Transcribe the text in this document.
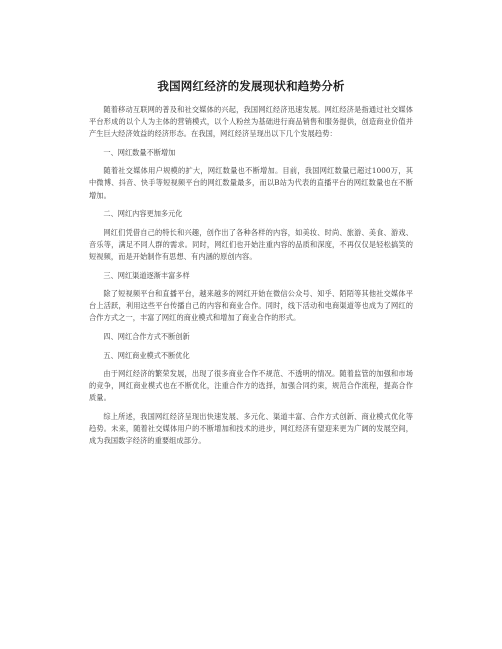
我国网红经济的发展现状和趋势分析

随着移动互联网的普及和社交媒体的兴起，我国网红经济迅速发展。网红经济是指通过社交媒体平台形成的以个人为主体的营销模式，以个人粉丝为基础进行商品销售和服务提供，创造商业价值并产生巨大经济效益的经济形态。在我国，网红经济呈现出以下几个发展趋势：

一、网红数量不断增加

随着社交媒体用户规模的扩大，网红数量也不断增加。目前，我国网红数量已超过1000万，其中微博、抖音、快手等短视频平台的网红数量最多，而以B站为代表的直播平台的网红数量也在不断增加。

二、网红内容更加多元化

网红们凭借自己的特长和兴趣，创作出了各种各样的内容，如美妆、时尚、旅游、美食、游戏、音乐等，满足不同人群的需求。同时，网红们也开始注重内容的品质和深度，不再仅仅是轻松搞笑的短视频，而是开始制作有思想、有内涵的原创内容。

三、网红渠道逐渐丰富多样

除了短视频平台和直播平台，越来越多的网红开始在微信公众号、知乎、陌陌等其他社交媒体平台上活跃，利用这些平台传播自己的内容和商业合作。同时，线下活动和电商渠道等也成为了网红的合作方式之一，丰富了网红的商业模式和增加了商业合作的形式。

四、网红合作方式不断创新

五、网红商业模式不断优化

由于网红经济的繁荣发展，出现了很多商业合作不规范、不透明的情况。随着监管的加强和市场的竞争，网红商业模式也在不断优化，注重合作方的选择，加强合同约束，规范合作流程，提高合作质量。

综上所述，我国网红经济呈现出快速发展、多元化、渠道丰富、合作方式创新、商业模式优化等趋势。未来，随着社交媒体用户的不断增加和技术的进步，网红经济有望迎来更为广阔的发展空间，成为我国数字经济的重要组成部分。
